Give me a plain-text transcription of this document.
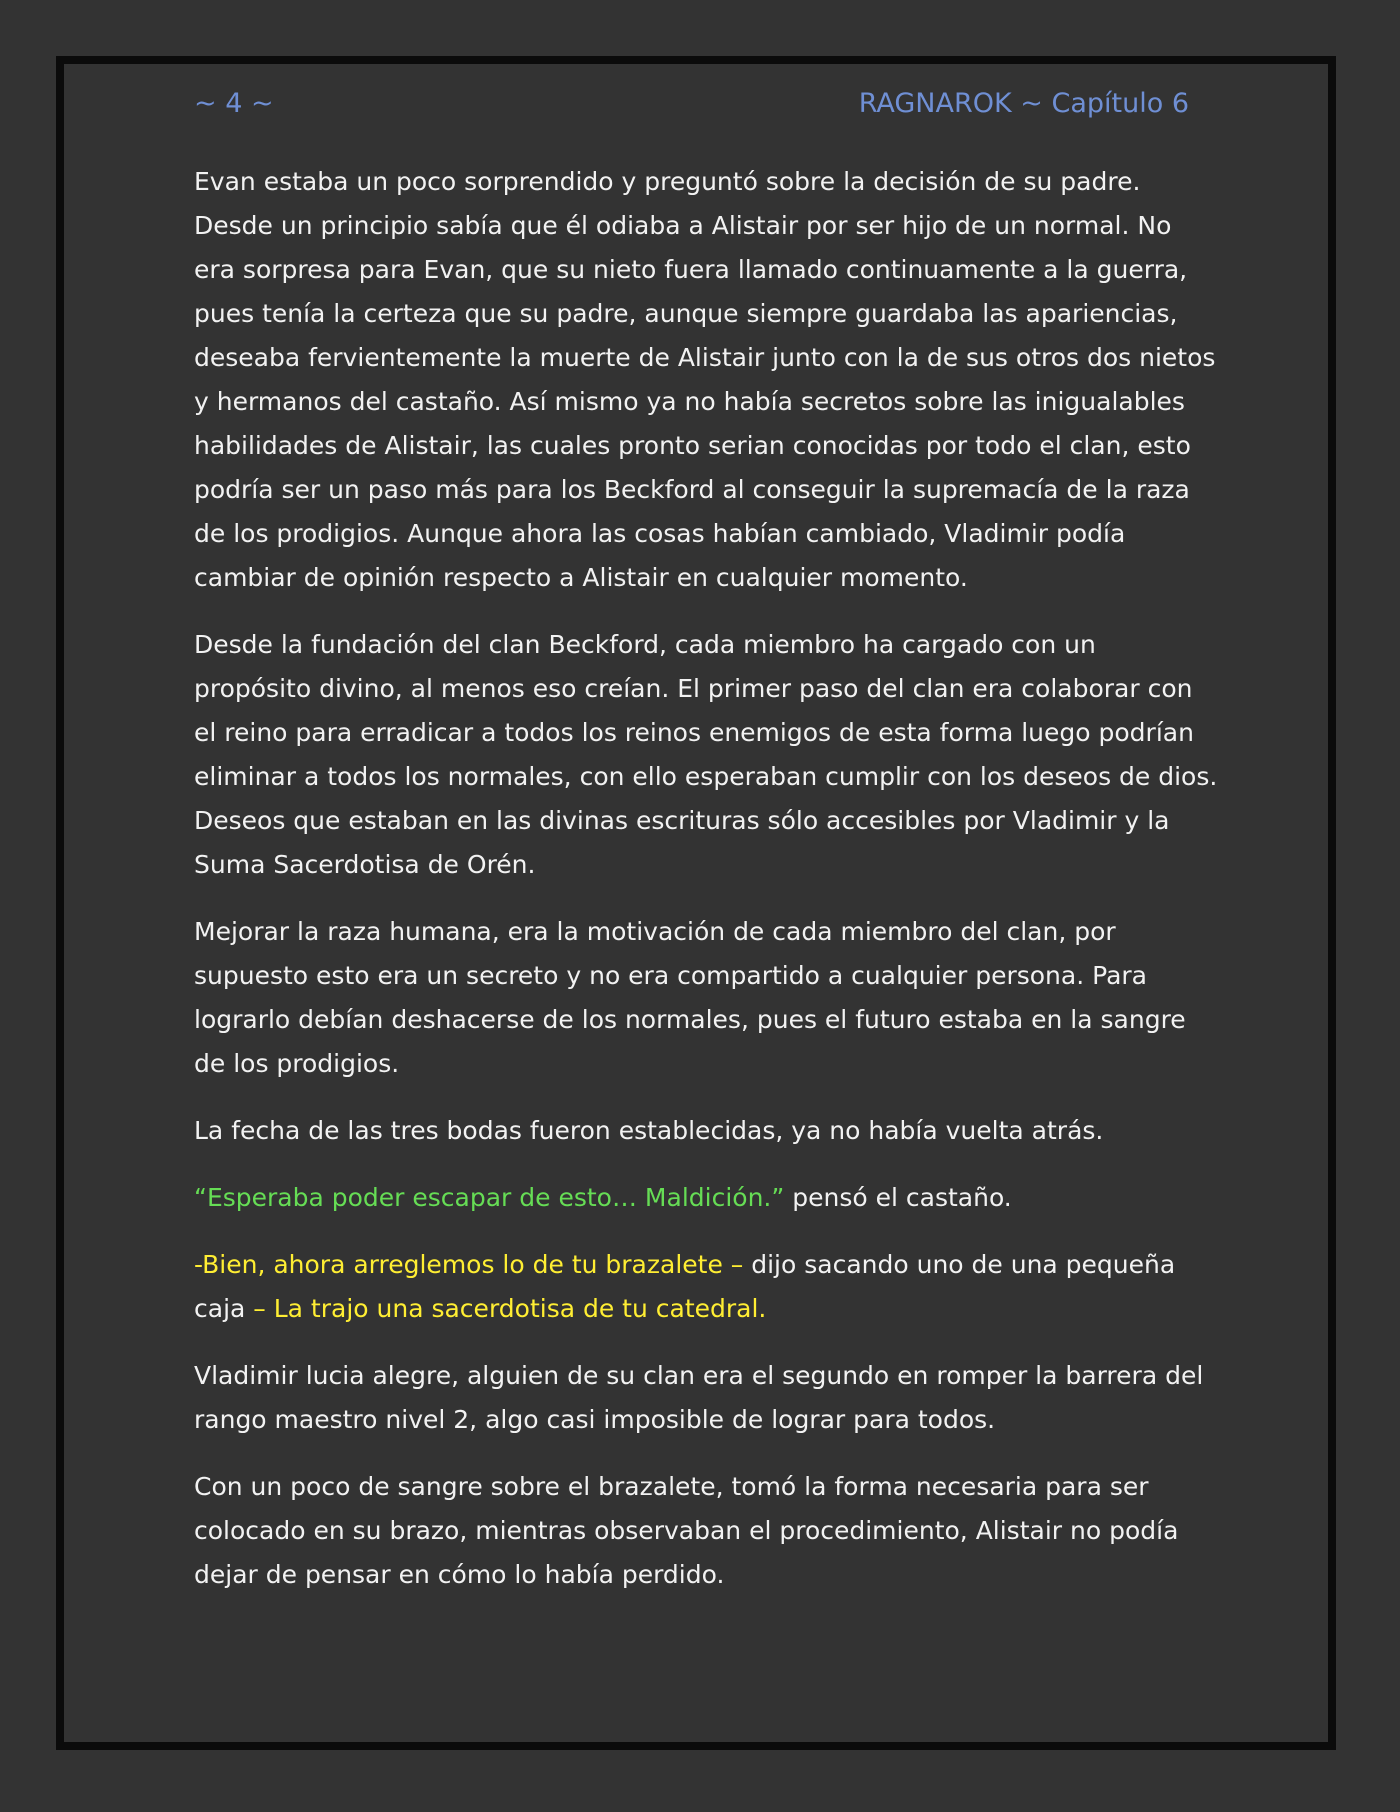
~ 4 ~	RAGNAROK ~ Capítulo 6

Evan estaba un poco sorprendido y preguntó sobre la decisión de su padre. Desde un principio sabía que él odiaba a Alistair por ser hijo de un normal. No era sorpresa para Evan, que su nieto fuera llamado continuamente a la guerra, pues tenía la certeza que su padre, aunque siempre guardaba las apariencias, deseaba fervientemente la muerte de Alistair junto con la de sus otros dos nietos y hermanos del castaño. Así mismo ya no había secretos sobre las inigualables habilidades de Alistair, las cuales pronto serian conocidas por todo el clan, esto podría ser un paso más para los Beckford al conseguir la supremacía de la raza de los prodigios. Aunque ahora las cosas habían cambiado, Vladimir podía cambiar de opinión respecto a Alistair en cualquier momento.

Desde la fundación del clan Beckford, cada miembro ha cargado con un propósito divino, al menos eso creían. El primer paso del clan era colaborar con el reino para erradicar a todos los reinos enemigos de esta forma luego podrían eliminar a todos los normales, con ello esperaban cumplir con los deseos de dios. Deseos que estaban en las divinas escrituras sólo accesibles por Vladimir y la Suma Sacerdotisa de Orén.

Mejorar la raza humana, era la motivación de cada miembro del clan, por supuesto esto era un secreto y no era compartido a cualquier persona. Para lograrlo debían deshacerse de los normales, pues el futuro estaba en la sangre de los prodigios.

La fecha de las tres bodas fueron establecidas, ya no había vuelta atrás.

“Esperaba poder escapar de esto… Maldición.” pensó el castaño.

-Bien, ahora arreglemos lo de tu brazalete – dijo sacando uno de una pequeña caja – La trajo una sacerdotisa de tu catedral.

Vladimir lucia alegre, alguien de su clan era el segundo en romper la barrera del rango maestro nivel 2, algo casi imposible de lograr para todos.

Con un poco de sangre sobre el brazalete, tomó la forma necesaria para ser colocado en su brazo, mientras observaban el procedimiento, Alistair no podía dejar de pensar en cómo lo había perdido.
